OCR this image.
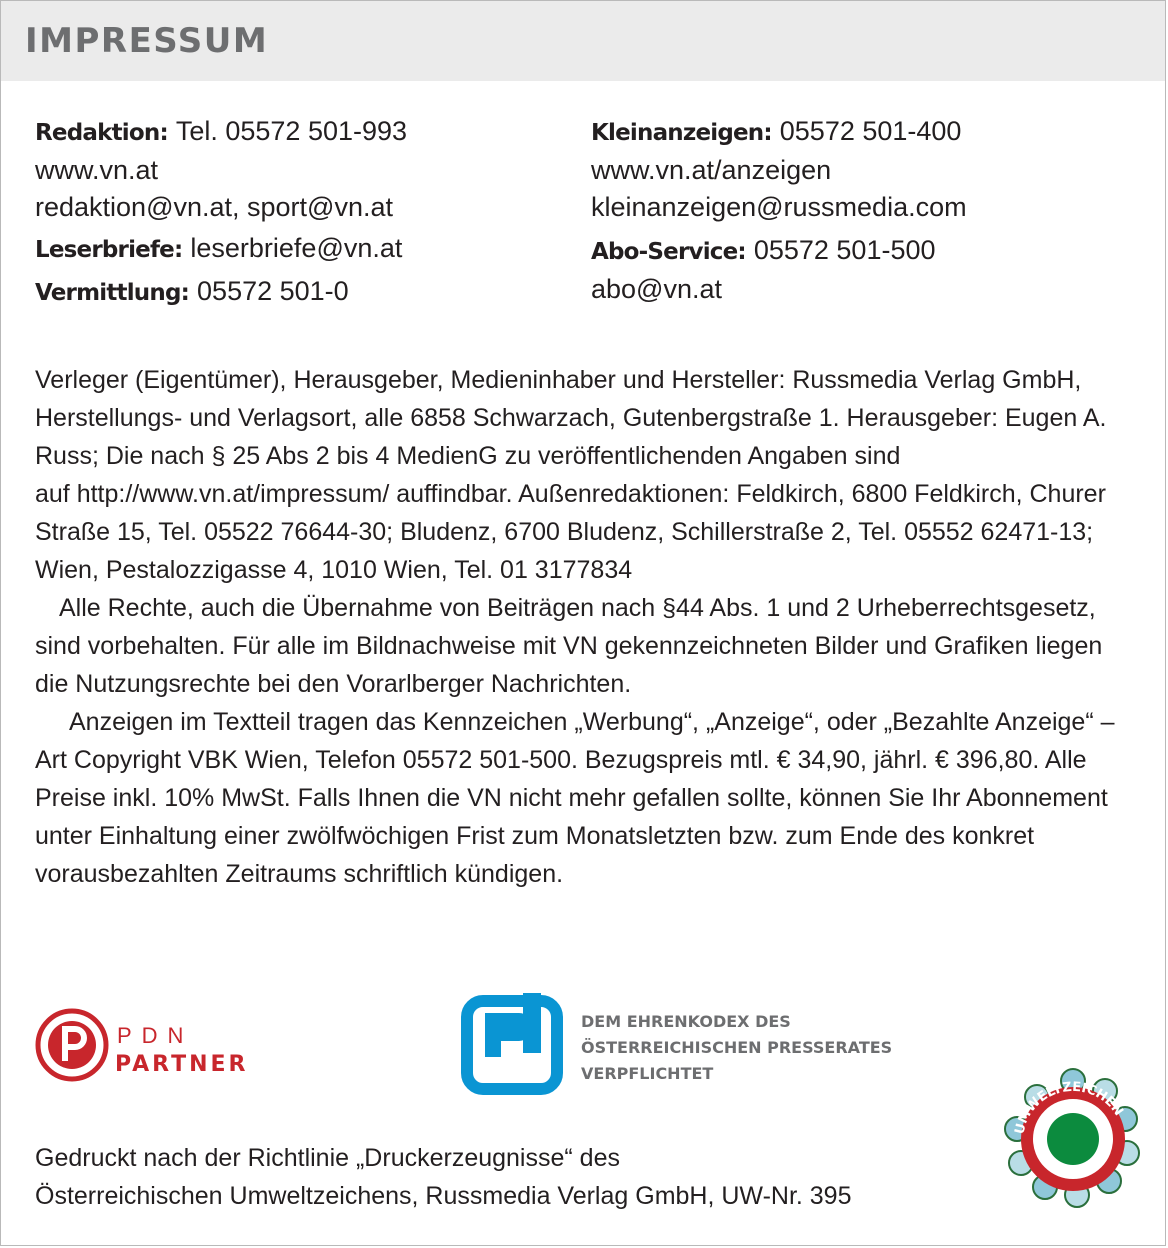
IMPRESSUM
Redaktion: Tel. 05572 501-993
www.vn.at
redaktion@vn.at, sport@vn.at
Leserbriefe: leserbriefe@vn.at
Vermittlung: 05572 501-0
Kleinanzeigen: 05572 501-400
www.vn.at/anzeigen
kleinanzeigen@russmedia.com
Abo-Service: 05572 501-500
abo@vn.at

Verleger (Eigentümer), Herausgeber, Medieninhaber und Hersteller: Russmedia Verlag GmbH, Herstellungs- und Verlagsort, alle 6858 Schwarzach, Gutenbergstraße 1. Herausgeber: Eugen A. Russ; Die nach § 25 Abs 2 bis 4 MedienG zu veröffentlichenden Angaben sind

auf http://www.vn.at/impressum/ auffindbar. Außenredaktionen: Feldkirch, 6800 Feldkirch, Churer Straße 15, Tel. 05522 76644-30; Bludenz, 6700 Bludenz, Schillerstraße 2, Tel. 05552 62471-13; Wien, Pestalozzigasse 4, 1010 Wien, Tel. 01 3177834

Alle Rechte, auch die Übernahme von Beiträgen nach §44 Abs. 1 und 2 Urheberrechtsgesetz, sind vorbehalten. Für alle im Bildnachweise mit VN gekennzeichneten Bilder und Grafiken liegen die Nutzungsrechte bei den Vorarlberger Nachrichten.

Anzeigen im Textteil tragen das Kennzeichen „Werbung“, „Anzeige“, oder „Bezahlte Anzeige“ – Art Copyright VBK Wien, Telefon 05572 501-500. Bezugspreis mtl. € 34,90, jährl. € 396,80. Alle Preise inkl. 10% MwSt. Falls Ihnen die VN nicht mehr gefallen sollte, können Sie Ihr Abonnement unter Einhaltung einer zwölfwöchigen Frist zum Monatsletzten bzw. zum Ende des konkret vorausbezahlten Zeitraums schriftlich kündigen.

PDN
PARTNER
DEM EHRENKODEX DES
ÖSTERREICHISCHEN PRESSERATES
VERPFLICHTET
UMWELTZEICHEN
Gedruckt nach der Richtlinie „Druckerzeugnisse“ des
Österreichischen Umweltzeichens, Russmedia Verlag GmbH, UW-Nr. 395
